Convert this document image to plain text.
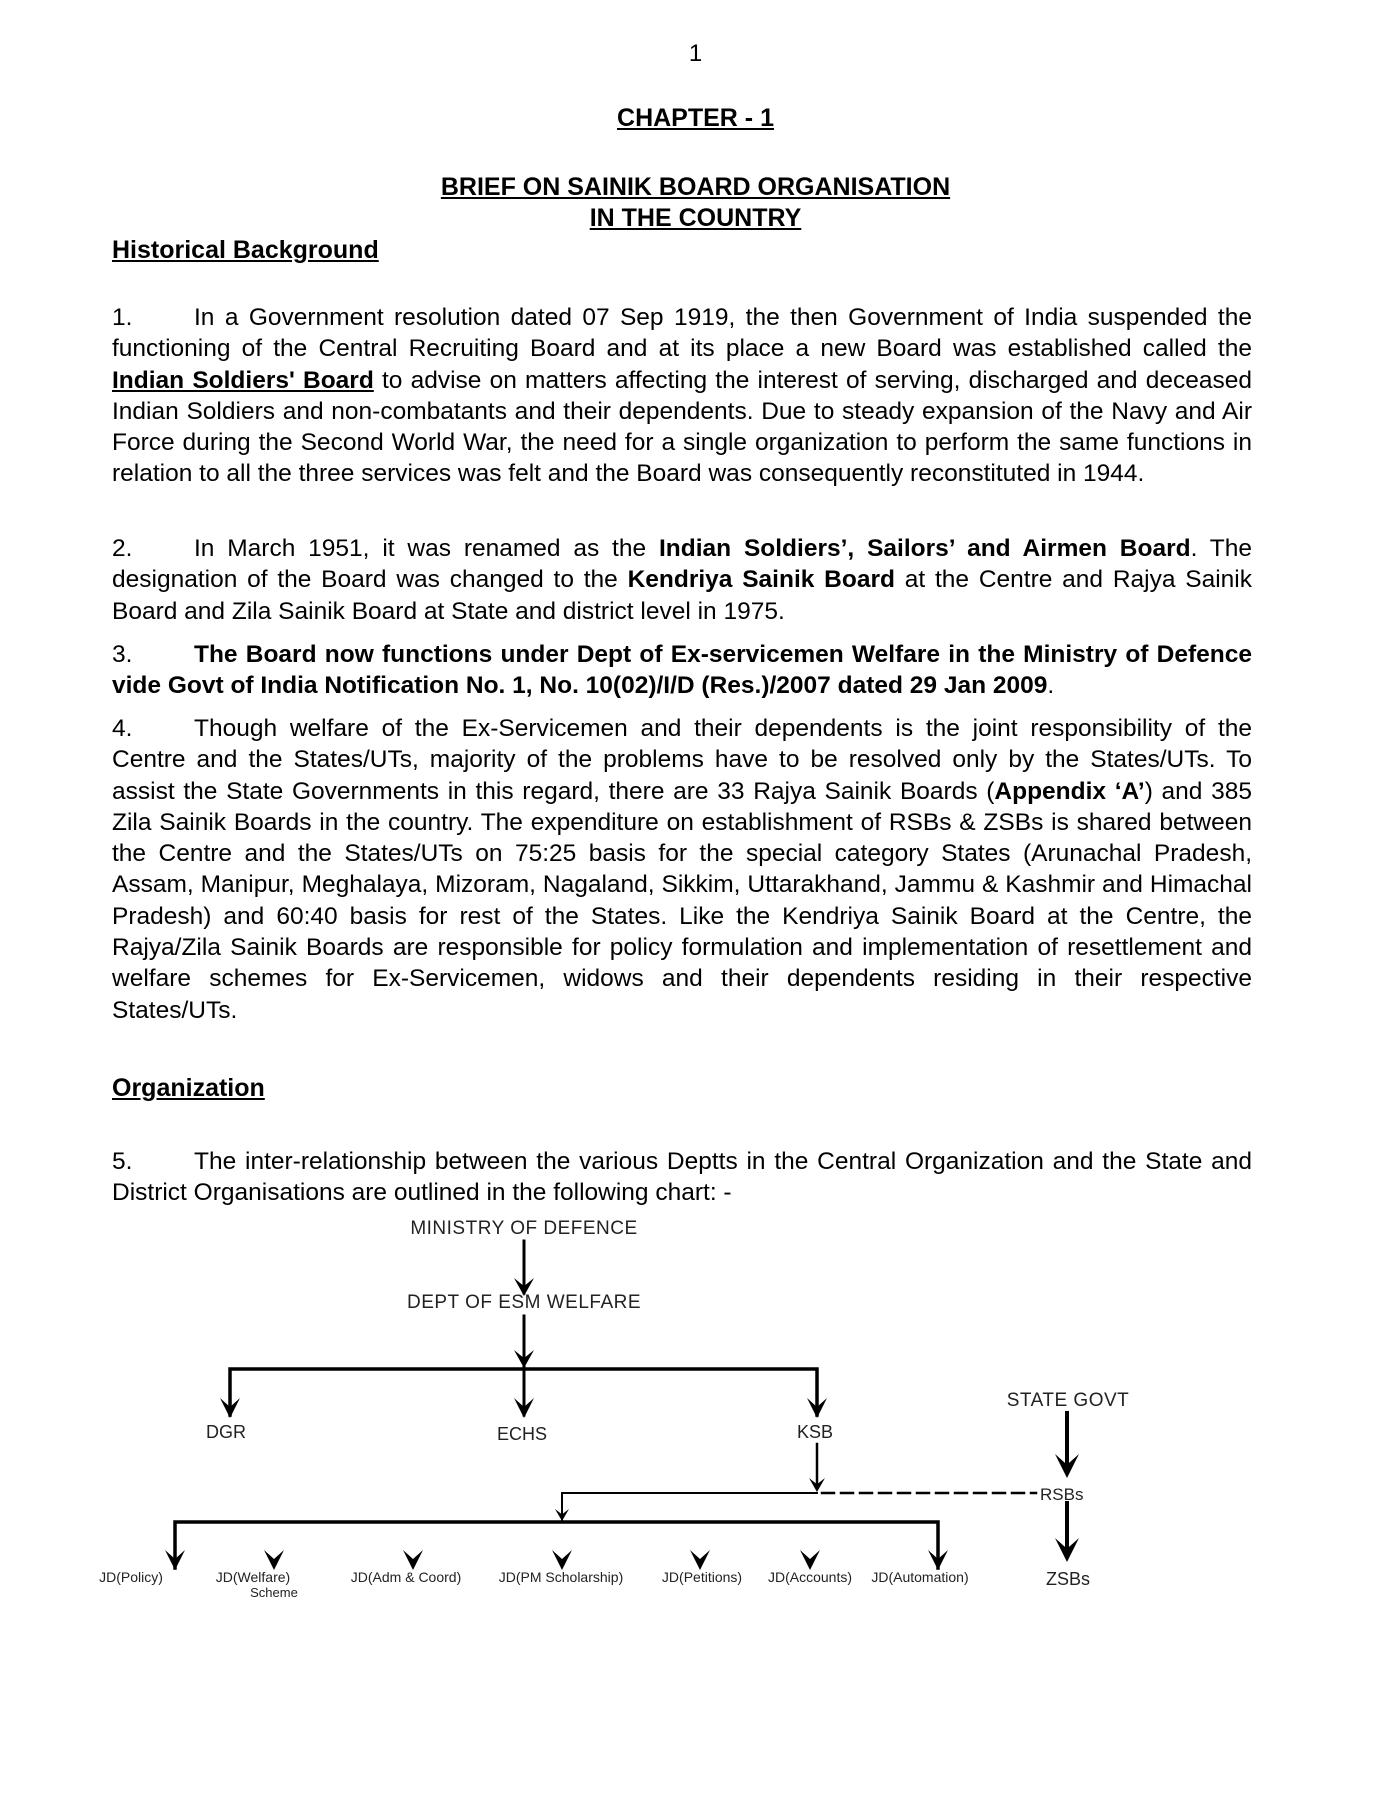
1
CHAPTER - 1
BRIEF ON SAINIK BOARD ORGANISATION
IN THE COUNTRY
Historical Background
1.	In a Government resolution dated 07 Sep 1919, the then Government of India suspended the functioning of the Central Recruiting Board and at its place a new Board was established called the Indian Soldiers' Board to advise on matters affecting the interest of serving, discharged and deceased Indian Soldiers and non-combatants and their dependents. Due to steady expansion of the Navy and Air Force during the Second World War, the need for a single organization to perform the same functions in relation to all the three services was felt and the Board was consequently reconstituted in 1944.
2.	In March 1951, it was renamed as the Indian Soldiers’, Sailors’ and Airmen Board. The designation of the Board was changed to the Kendriya Sainik Board at the Centre and Rajya Sainik Board and Zila Sainik Board at State and district level in 1975.
3.	The Board now functions under Dept of Ex-servicemen Welfare in the Ministry of Defence vide Govt of India Notification No. 1, No. 10(02)/I/D (Res.)/2007 dated 29 Jan 2009.
4.	Though welfare of the Ex-Servicemen and their dependents is the joint responsibility of the Centre and the States/UTs, majority of the problems have to be resolved only by the States/UTs. To assist the State Governments in this regard, there are 33 Rajya Sainik Boards (Appendix ‘A’) and 385 Zila Sainik Boards in the country. The expenditure on establishment of RSBs & ZSBs is shared between the Centre and the States/UTs on 75:25 basis for the special category States (Arunachal Pradesh, Assam, Manipur, Meghalaya, Mizoram, Nagaland, Sikkim, Uttarakhand, Jammu & Kashmir and Himachal Pradesh) and 60:40 basis for rest of the States. Like the Kendriya Sainik Board at the Centre, the Rajya/Zila Sainik Boards are responsible for policy formulation and implementation of resettlement and welfare schemes for Ex-Servicemen, widows and their dependents residing in their respective States/UTs.
Organization
5.	The inter-relationship between the various Deptts in the Central Organization and the State and District Organisations are outlined in the following chart: -
MINISTRY OF DEFENCE
DEPT OF ESM WELFARE
DGR	ECHS	KSB
STATE GOVT
RSBs
ZSBs
JD(Policy)	JD(Welfare)	JD(Adm & Coord)	JD(PM Scholarship)	JD(Petitions) JD(Accounts) JD(Automation)
Scheme
